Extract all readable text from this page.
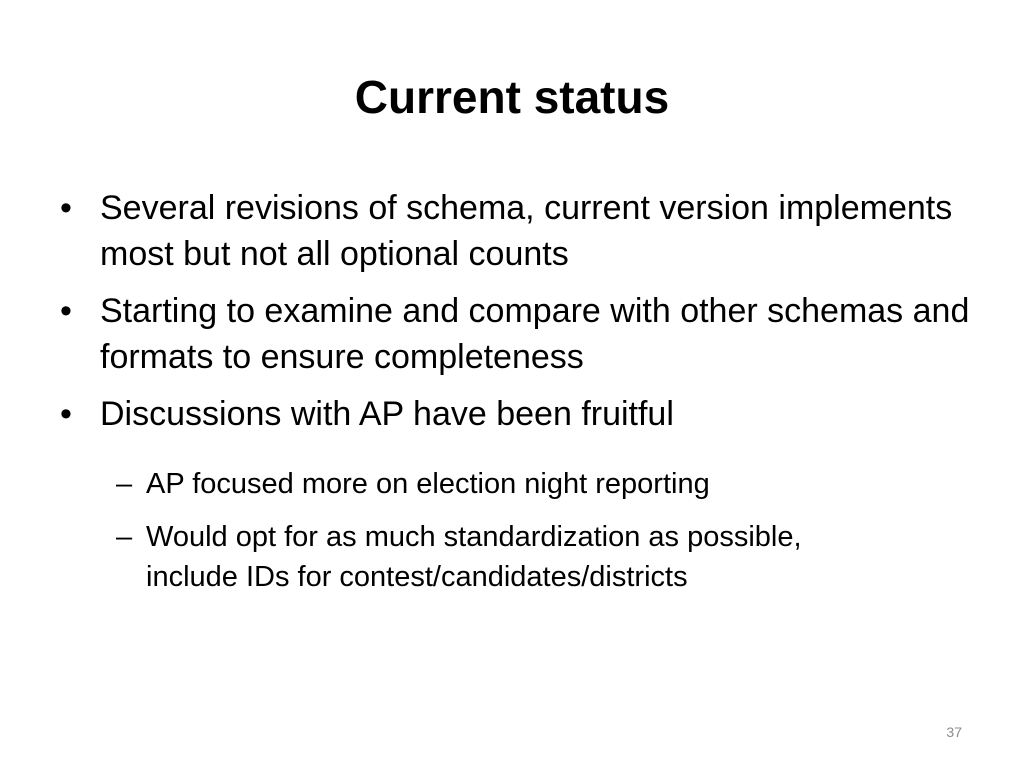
Current status
• Several revisions of schema, current version implements most but not all optional counts
• Starting to examine and compare with other schemas and formats to ensure completeness
• Discussions with AP have been fruitful
– AP focused more on election night reporting
– Would opt for as much standardization as possible, include IDs for contest/candidates/districts
37
